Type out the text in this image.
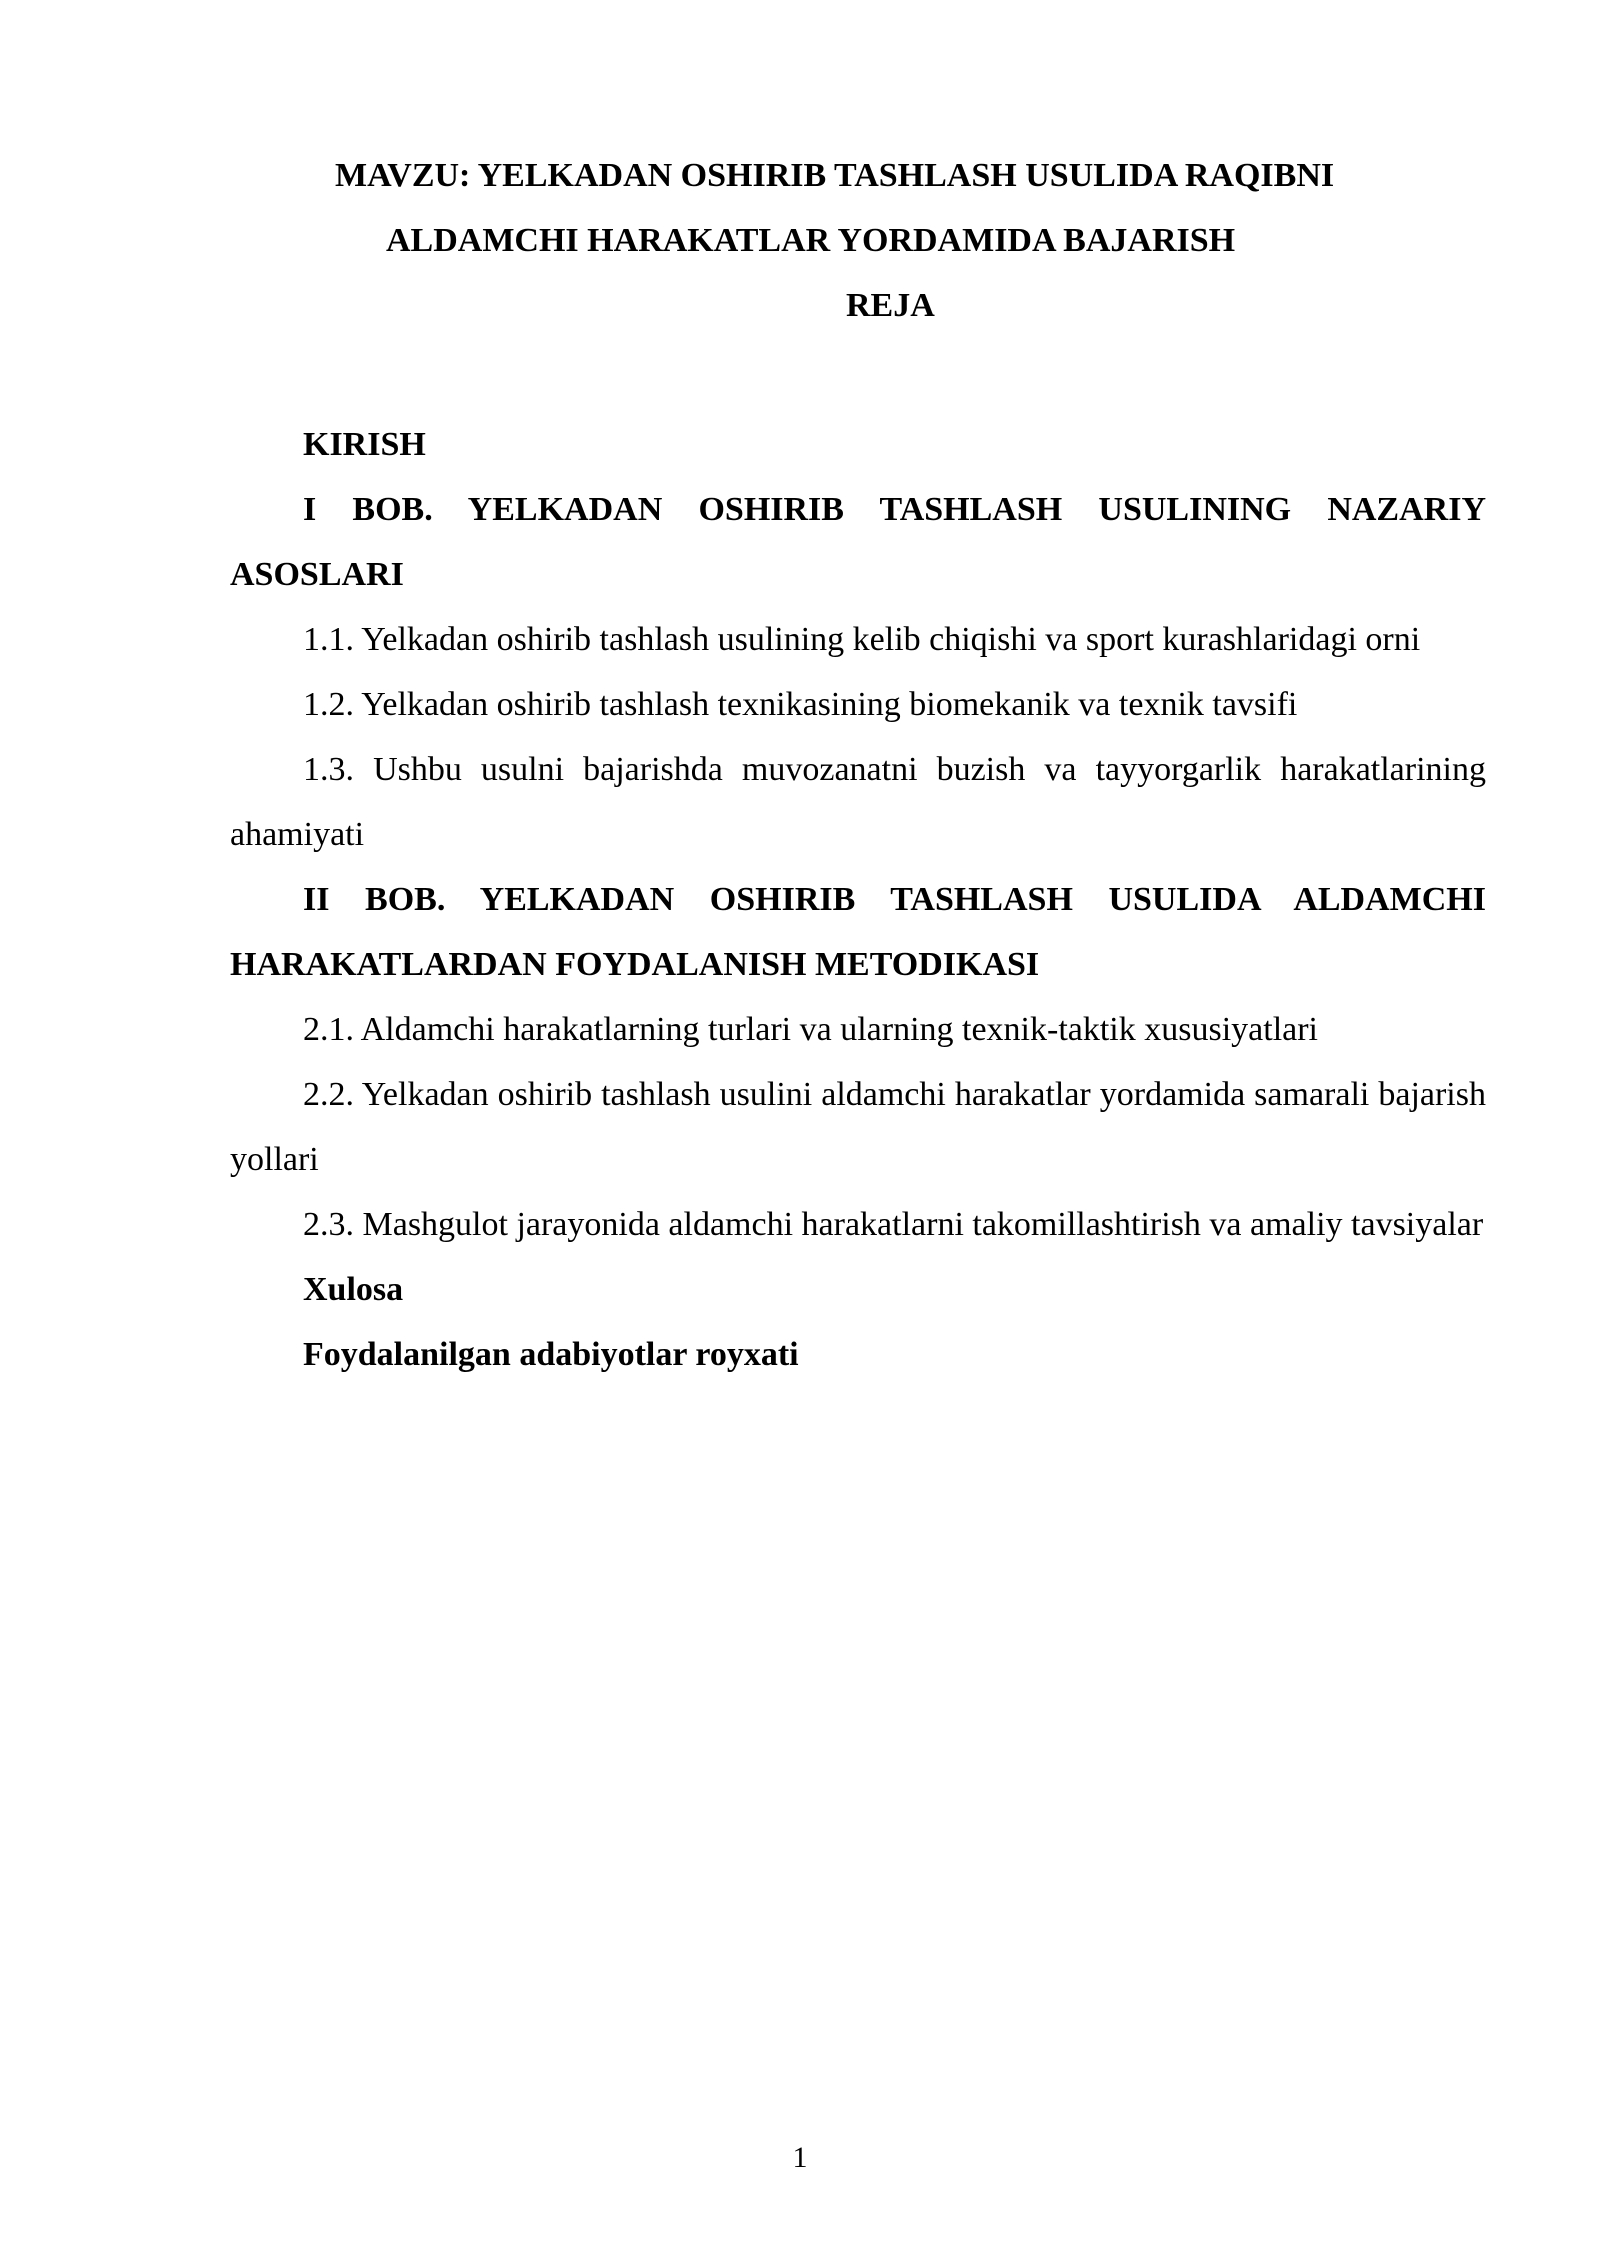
MAVZU: YELKADAN OSHIRIB TASHLASH USULIDA RAQIBNI
ALDAMCHI HARAKATLAR YORDAMIDA BAJARISH
REJA

KIRISH

I BOB. YELKADAN OSHIRIB TASHLASH USULINING NAZARIY ASOSLARI

1.1. Yelkadan oshirib tashlash usulining kelib chiqishi va sport kurashlaridagi orni

1.2. Yelkadan oshirib tashlash texnikasining biomekanik va texnik tavsifi

1.3. Ushbu usulni bajarishda muvozanatni buzish va tayyorgarlik harakatlarining ahamiyati

II BOB. YELKADAN OSHIRIB TASHLASH USULIDA ALDAMCHI HARAKATLARDAN FOYDALANISH METODIKASI

2.1. Aldamchi harakatlarning turlari va ularning texnik-taktik xususiyatlari

2.2. Yelkadan oshirib tashlash usulini aldamchi harakatlar yordamida samarali bajarish yollari

2.3. Mashgulot jarayonida aldamchi harakatlarni takomillashtirish va amaliy tavsiyalar

Xulosa

Foydalanilgan adabiyotlar royxati

1
